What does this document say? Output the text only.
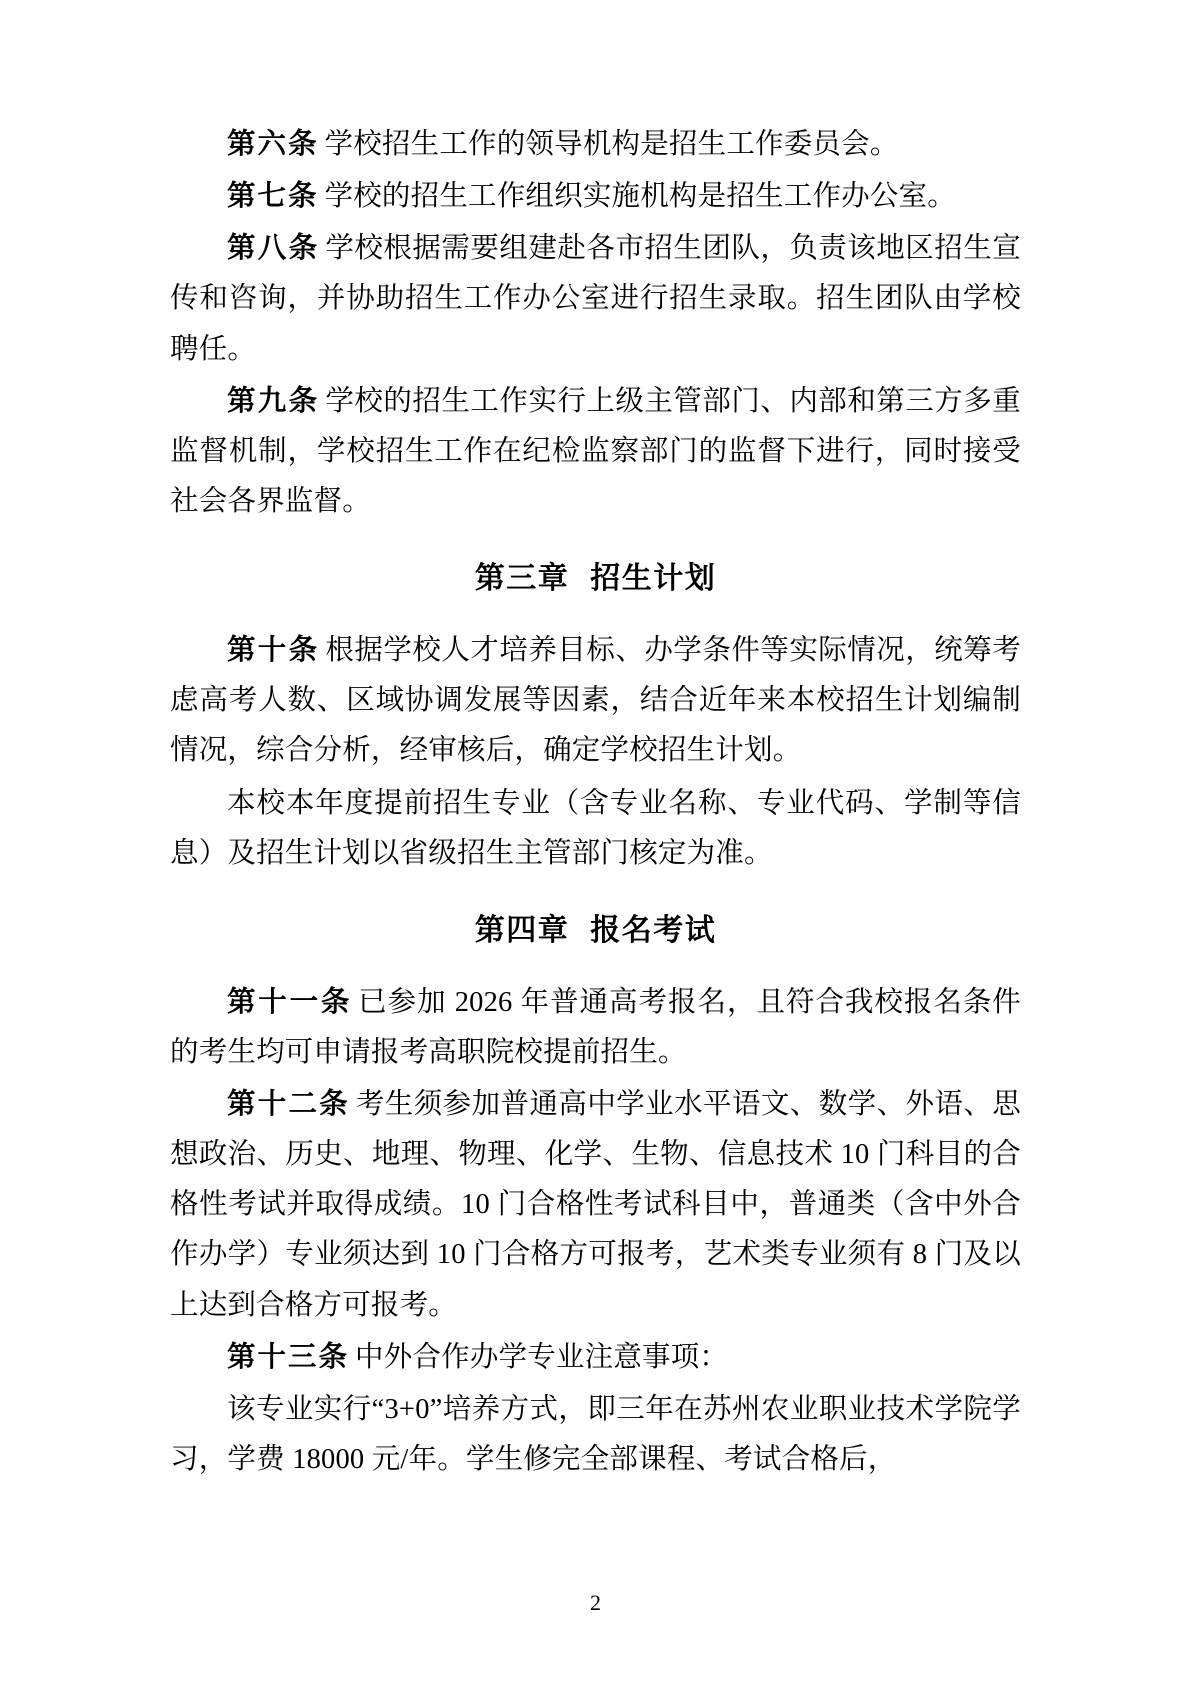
第六条 学校招生工作的领导机构是招生工作委员会。

第七条 学校的招生工作组织实施机构是招生工作办公室。

第八条 学校根据需要组建赴各市招生团队，负责该地区招生宣传和咨询，并协助招生工作办公室进行招生录取。招生团队由学校聘任。

第九条 学校的招生工作实行上级主管部门、内部和第三方多重监督机制，学校招生工作在纪检监察部门的监督下进行，同时接受社会各界监督。

第三章 招生计划

第十条 根据学校人才培养目标、办学条件等实际情况，统筹考虑高考人数、区域协调发展等因素，结合近年来本校招生计划编制情况，综合分析，经审核后，确定学校招生计划。

本校本年度提前招生专业（含专业名称、专业代码、学制等信息）及招生计划以省级招生主管部门核定为准。

第四章 报名考试

第十一条 已参加 2026 年普通高考报名，且符合我校报名条件的考生均可申请报考高职院校提前招生。

第十二条 考生须参加普通高中学业水平语文、数学、外语、思想政治、历史、地理、物理、化学、生物、信息技术 10 门科目的合格性考试并取得成绩。10 门合格性考试科目中，普通类（含中外合作办学）专业须达到 10 门合格方可报考，艺术类专业须有 8 门及以上达到合格方可报考。

第十三条 中外合作办学专业注意事项：

该专业实行“3+0”培养方式，即三年在苏州农业职业技术学院学习，学费 18000 元/年。学生修完全部课程、考试合格后，

2
